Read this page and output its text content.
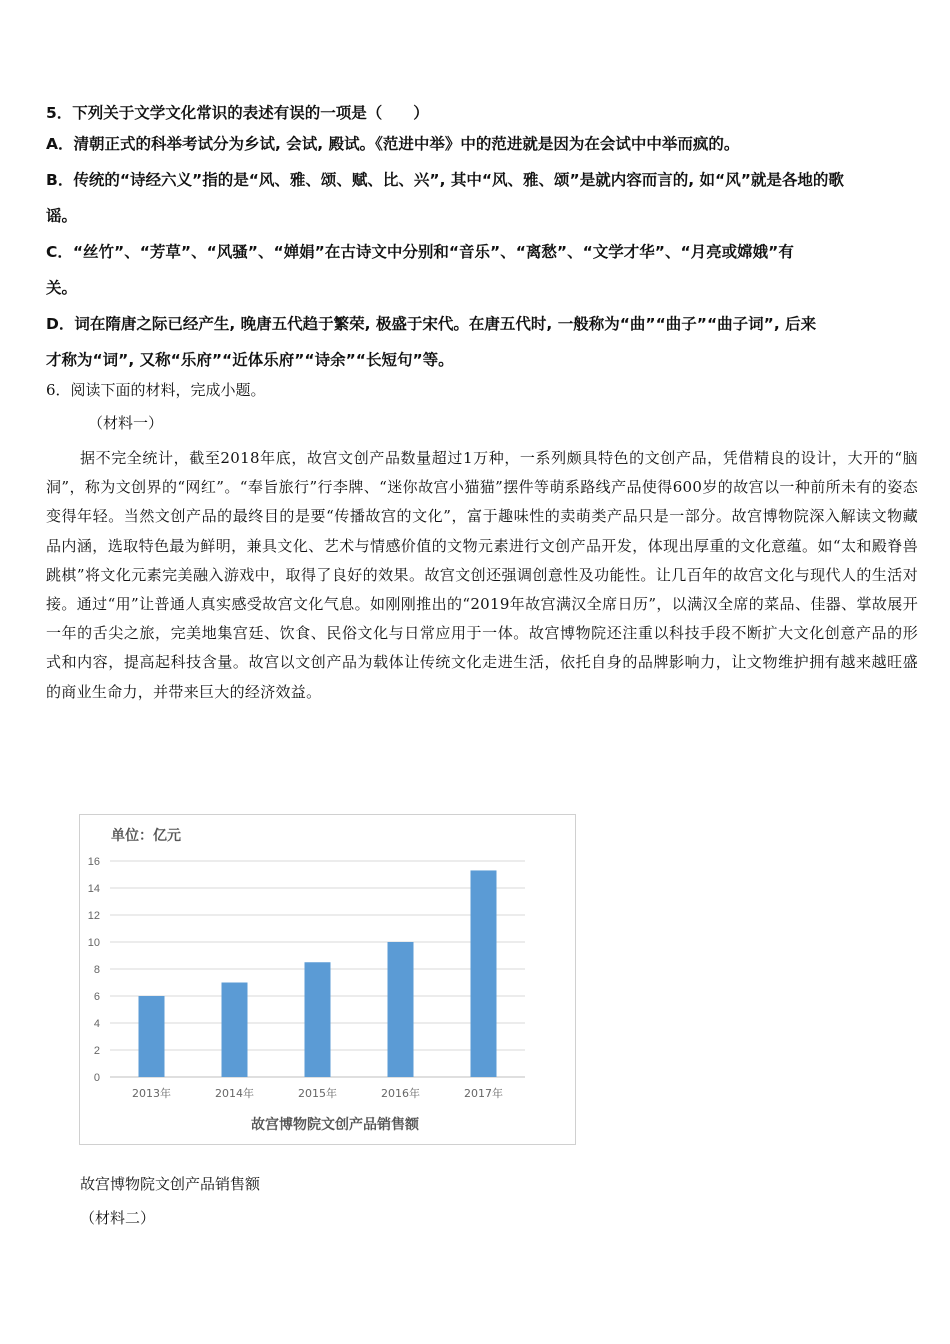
5．下列关于文学文化常识的表述有误的一项是（　　）
A．清朝正式的科举考试分为乡试, 会试, 殿试。《范进中举》中的范进就是因为在会试中中举而疯的。
B．传统的“诗经六义”指的是“风、雅、颂、赋、比、兴”, 其中“风、雅、颂”是就内容而言的, 如“风”就是各地的歌
谣。
C．“丝竹”、“芳草”、“风骚”、“婵娟”在古诗文中分别和“音乐”、“离愁”、“文学才华”、“月亮或嫦娥”有
关。
D．词在隋唐之际已经产生, 晚唐五代趋于繁荣, 极盛于宋代。在唐五代时, 一般称为“曲”“曲子”“曲子词”, 后来
才称为“词”, 又称“乐府”“近体乐府”“诗余”“长短句”等。
6．阅读下面的材料，完成小题。
（材料一）
据不完全统计，截至2018年底，故宫文创产品数量超过1万种，一系列颇具特色的文创产品，凭借精良的设计，大开的“脑洞”，称为文创界的“网红”。“奉旨旅行”行李牌、“迷你故宫小猫猫”摆件等萌系路线产品使得600岁的故宫以一种前所未有的姿态变得年轻。当然文创产品的最终目的是要“传播故宫的文化”，富于趣味性的卖萌类产品只是一部分。故宫博物院深入解读文物藏品内涵，选取特色最为鲜明，兼具文化、艺术与情感价值的文物元素进行文创产品开发，体现出厚重的文化意蕴。如“太和殿脊兽跳棋”将文化元素完美融入游戏中，取得了良好的效果。故宫文创还强调创意性及功能性。让几百年的故宫文化与现代人的生活对接。通过“用”让普通人真实感受故宫文化气息。如刚刚推出的“2019年故宫满汉全席日历”，以满汉全席的菜品、佳器、掌故展开一年的舌尖之旅，完美地集宫廷、饮食、民俗文化与日常应用于一体。故宫博物院还注重以科技手段不断扩大文化创意产品的形式和内容，提高起科技含量。故宫以文创产品为载体让传统文化走进生活，依托自身的品牌影响力，让文物维护拥有越来越旺盛的商业生命力，并带来巨大的经济效益。
单位：亿元
故宫博物院文创产品销售额
0
2
4
6
8
10
12
14
16
2013年	2014年	2015年	2016年	2017年
故宫博物院文创产品销售额
（材料二）
